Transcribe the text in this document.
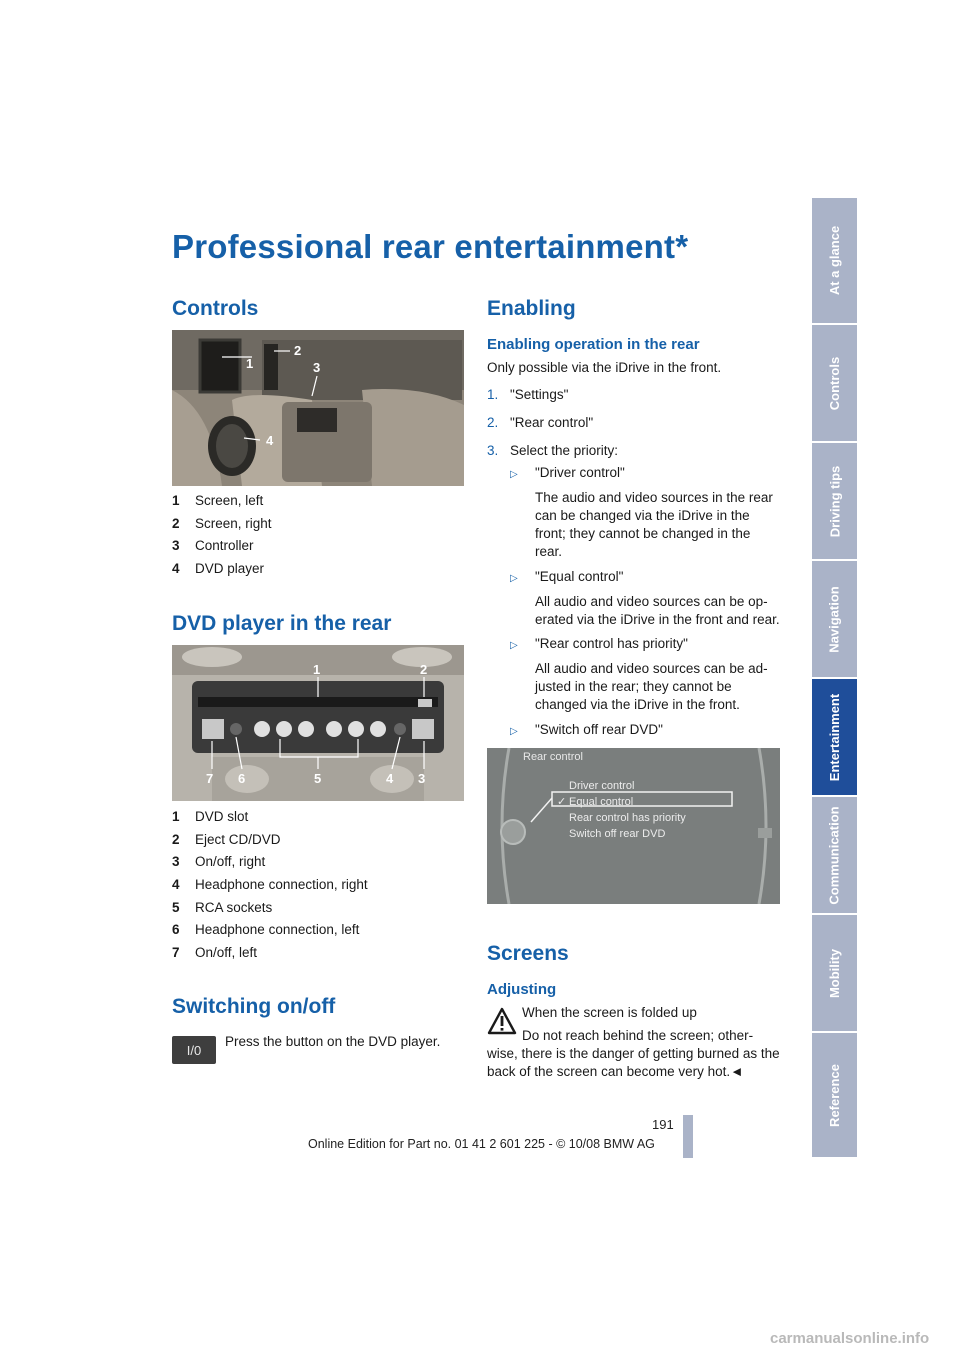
Professional rear entertainment*
Controls
1
2
3
4
1	Screen, left
2	Screen, right
3	Controller
4	DVD player
DVD player in the rear
1	2
7 6	5	4 3
1	DVD slot
2	Eject CD/DVD
3	On/off, right
4	Headphone connection, right
5	RCA sockets
6	Headphone connection, left
7	On/off, left
Switching on/off
I/0
Press the button on the DVD player.
Enabling
Enabling operation in the rear
Only possible via the iDrive in the front.
1. "Settings"
2. "Rear control"
3. Select the priority:
▷	"Driver control"
The audio and video sources in the rear
can be changed via the iDrive in the
front; they cannot be changed in the
rear.
▷	"Equal control"
All audio and video sources can be op-
erated via the iDrive in the front and rear.
▷	"Rear control has priority"
All audio and video sources can be ad-
justed in the rear; they cannot be
changed via the iDrive in the front.
▷	"Switch off rear DVD"
Rear control
Driver control
✓ Equal control
Rear control has priority
Switch off rear DVD
Screens
Adjusting
When the screen is folded up
Do not reach behind the screen; other-
wise, there is the danger of getting burned as the
back of the screen can become very hot.◄
At a glance
Controls
Driving tips
Navigation
Entertainment
Communication
Mobility
Reference
191
Online Edition for Part no. 01 41 2 601 225 - © 10/08 BMW AG
carmanualsonline.info
